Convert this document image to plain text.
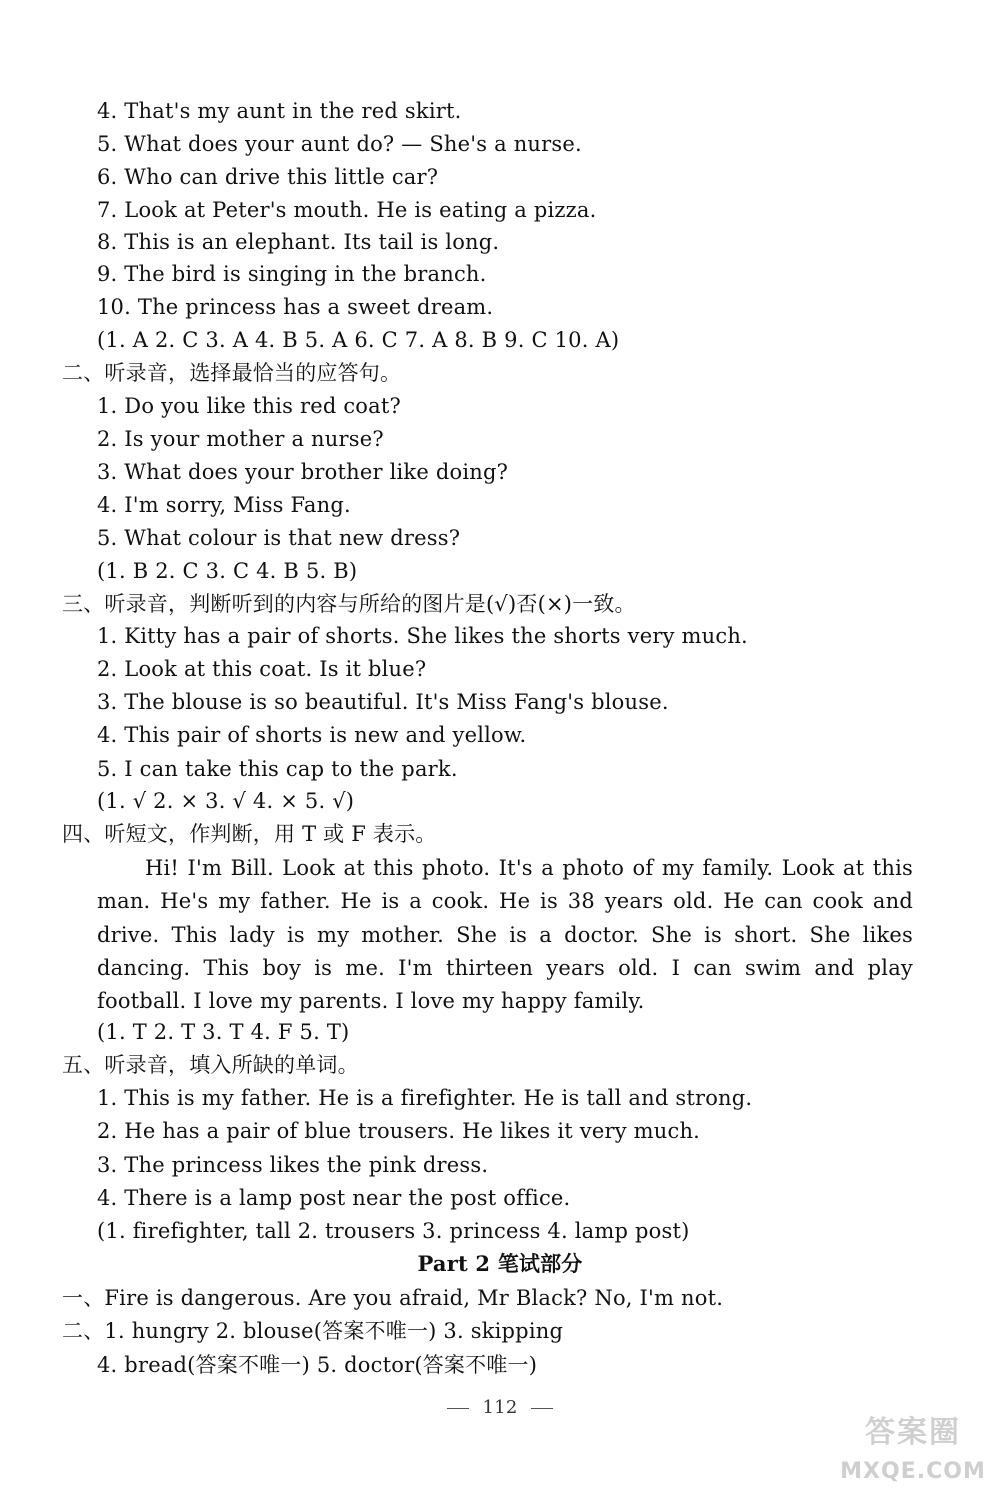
4. That's my aunt in the red skirt.
5. What does your aunt do? — She's a nurse.
6. Who can drive this little car?
7. Look at Peter's mouth. He is eating a pizza.
8. This is an elephant. Its tail is long.
9. The bird is singing in the branch.
10. The princess has a sweet dream.
(1. A 2. C 3. A 4. B 5. A 6. C 7. A 8. B 9. C 10. A)
二、听录音，选择最恰当的应答句。
1. Do you like this red coat?
2. Is your mother a nurse?
3. What does your brother like doing?
4. I'm sorry, Miss Fang.
5. What colour is that new dress?
(1. B 2. C 3. C 4. B 5. B)
三、听录音，判断听到的内容与所给的图片是(√)否(×)一致。
1. Kitty has a pair of shorts. She likes the shorts very much.
2. Look at this coat. Is it blue?
3. The blouse is so beautiful. It's Miss Fang's blouse.
4. This pair of shorts is new and yellow.
5. I can take this cap to the park.
(1. √ 2. × 3. √ 4. × 5. √)
四、听短文，作判断，用 T 或 F 表示。
Hi! I'm Bill. Look at this photo. It's a photo of my family. Look at this man. He's my father. He is a cook. He is 38 years old. He can cook and drive. This lady is my mother. She is a doctor. She is short. She likes dancing. This boy is me. I'm thirteen years old. I can swim and play football. I love my parents. I love my happy family.
(1. T 2. T 3. T 4. F 5. T)
五、听录音，填入所缺的单词。
1. This is my father. He is a firefighter. He is tall and strong.
2. He has a pair of blue trousers. He likes it very much.
3. The princess likes the pink dress.
4. There is a lamp post near the post office.
(1. firefighter, tall 2. trousers 3. princess 4. lamp post)
Part 2 笔试部分
一、Fire is dangerous. Are you afraid, Mr Black? No, I'm not.
二、1. hungry 2. blouse(答案不唯一) 3. skipping
4. bread(答案不唯一) 5. doctor(答案不唯一)
112
答案圈
MXQE.COM
